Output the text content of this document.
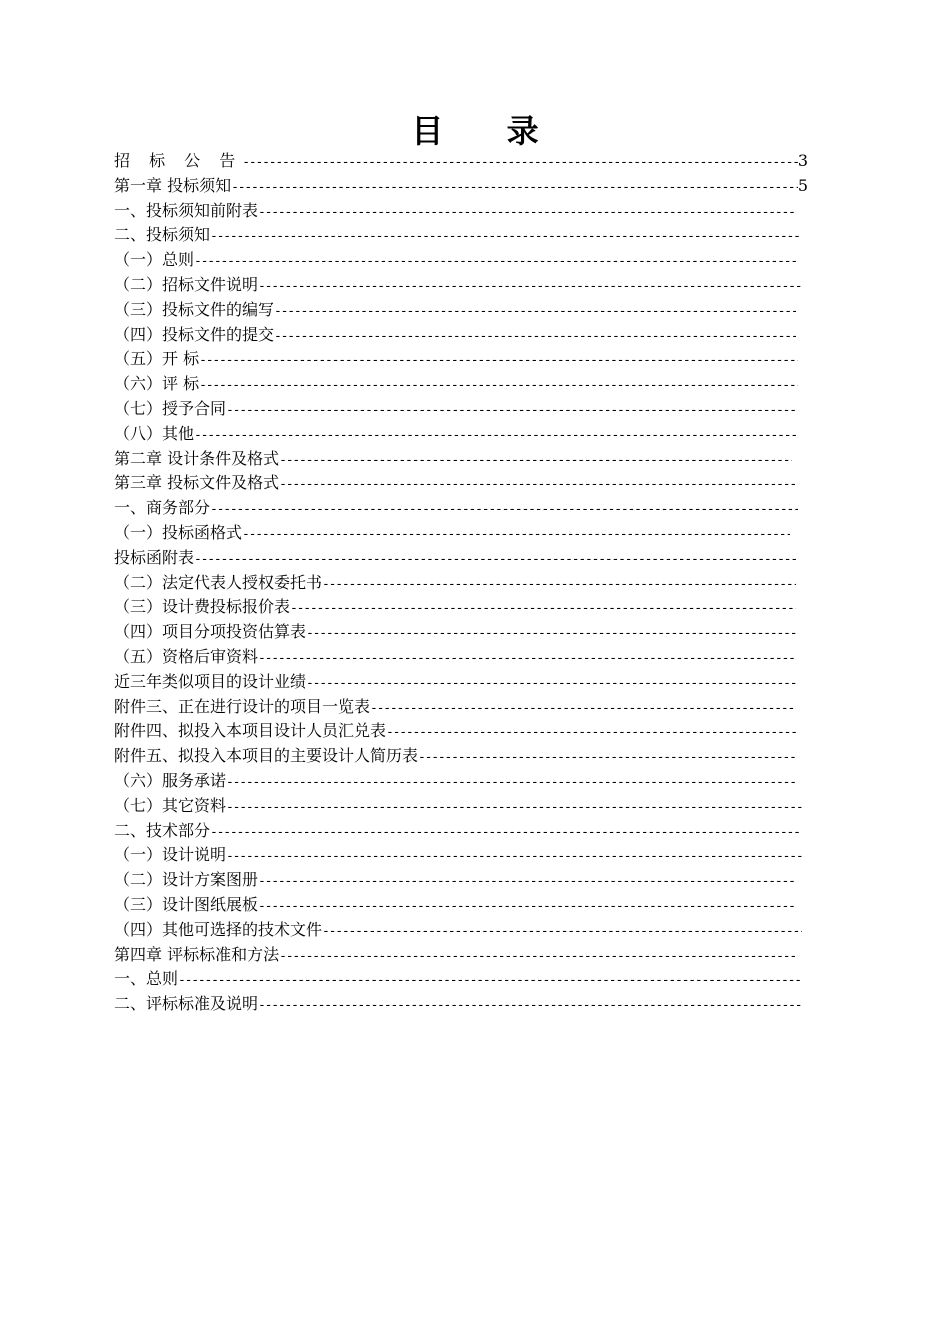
目 录
招 标 公 告 -----	3
第一章 投标须知 -----	5
一、投标须知前附表
-----
二、投标须知
-----
（一）总则
-----
（二）招标文件说明
-----
（三）投标文件的编写
-----
（四）投标文件的提交
-----
（五）开 标
-----
（六）评 标
-----
（七）授予合同
-----
（八）其他
-----
第二章 设计条件及格式
-----
第三章 投标文件及格式
-----
一、商务部分
-----
（一）投标函格式
-----
投标函附表
-----
（二）法定代表人授权委托书
-----
（三）设计费投标报价表
-----
（四）项目分项投资估算表
-----
（五）资格后审资料
-----
近三年类似项目的设计业绩
-----
附件三、正在进行设计的项目一览表
-----
附件四、拟投入本项目设计人员汇兑表
-----
附件五、拟投入本项目的主要设计人简历表
-----
（六）服务承诺
-----
（七）其它资料
-----
二、技术部分
-----
（一）设计说明
-----
（二）设计方案图册
-----
（三）设计图纸展板
-----
（四）其他可选择的技术文件
-----
第四章 评标标准和方法
-----
一、总则
-----
二、评标标准及说明
-----
